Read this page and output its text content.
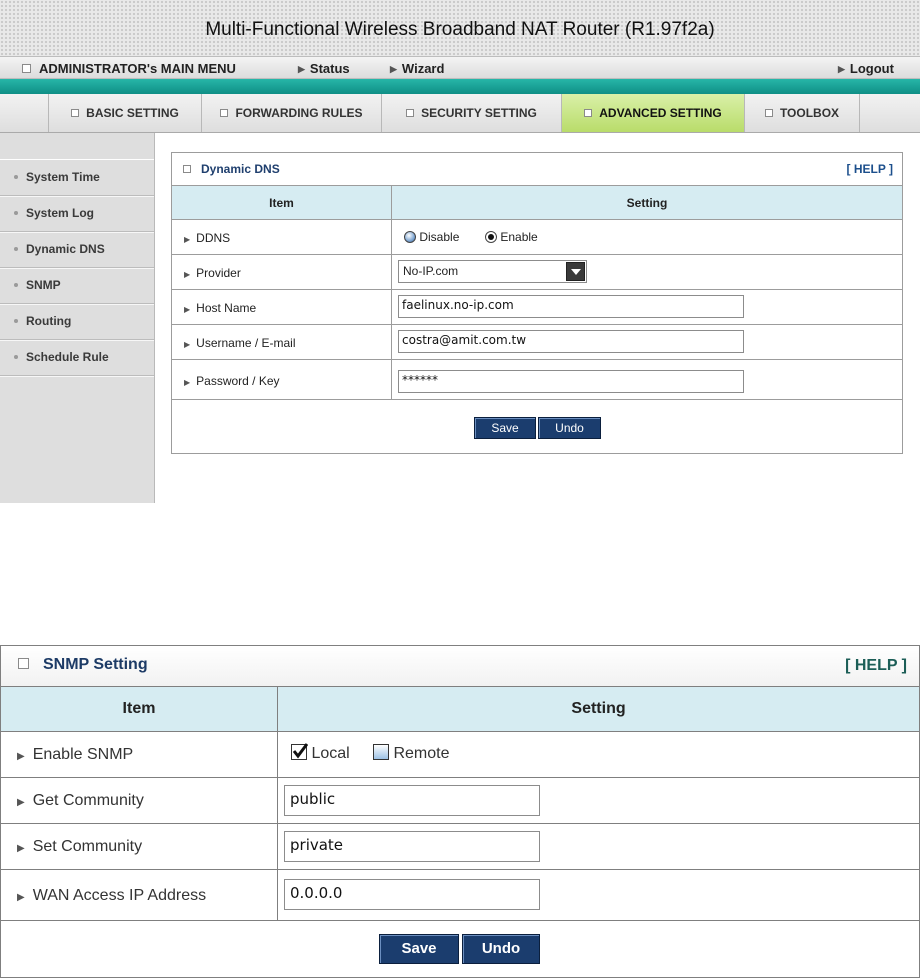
Multi-Functional Wireless Broadband NAT Router (R1.97f2a)
ADMINISTRATOR's MAIN MENU	▶ Status	▶ Wizard	▶ Logout
BASIC SETTING	FORWARDING RULES	SECURITY SETTING	ADVANCED SETTING	TOOLBOX
System Time
System Log
Dynamic DNS
SNMP
Routing
Schedule Rule
Dynamic DNS	[ HELP ]
Item	Setting
▶ DDNS	Disable	Enable
▶ Provider	No-IP.com
▶ Host Name	faelinux.no-ip.com
▶ Username / E-mail	costra@amit.com.tw
▶ Password / Key	******
Save	Undo
SNMP Setting	[ HELP ]
Item	Setting
▶ Enable SNMP	Local	Remote
▶ Get Community	public
▶ Set Community	private
▶ WAN Access IP Address	0.0.0.0
Save	Undo
